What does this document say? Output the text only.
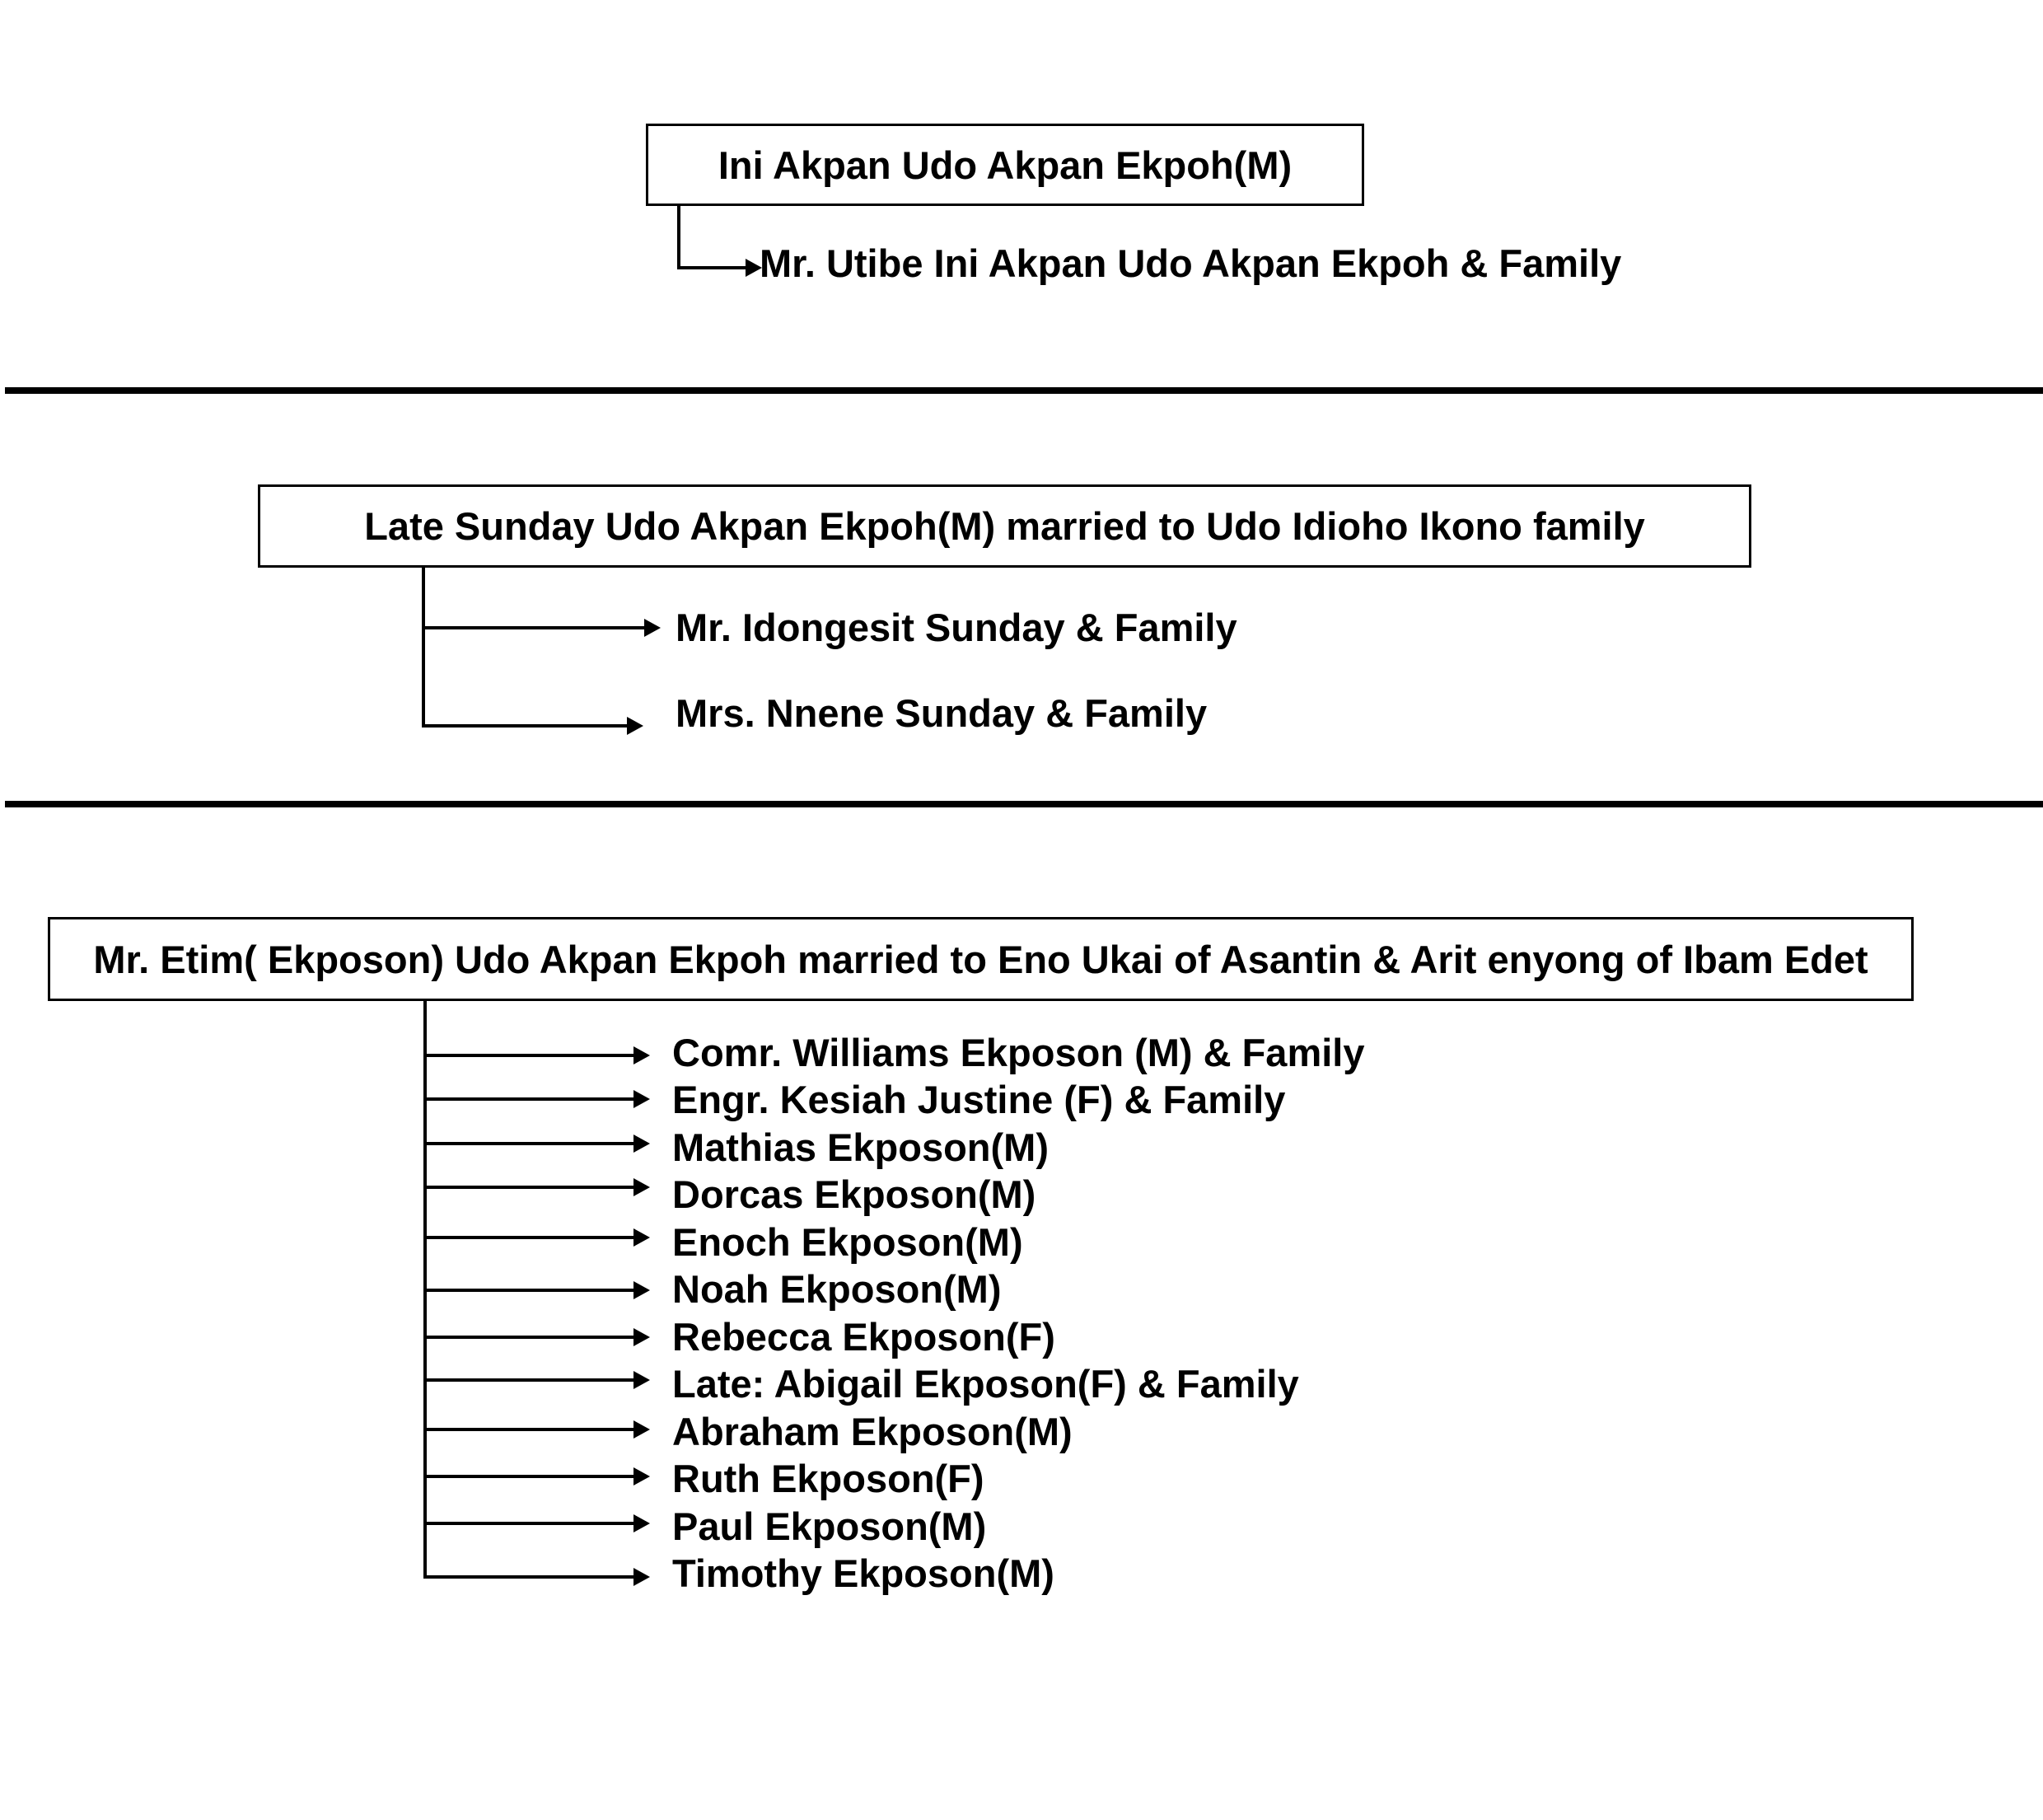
Ini Akpan Udo Akpan Ekpoh(M)
Mr. Utibe Ini Akpan Udo Akpan Ekpoh & Family
Late Sunday Udo Akpan Ekpoh(M) married to Udo Idioho Ikono family
Mr. Idongesit Sunday & Family
Mrs. Nnene Sunday & Family
Mr. Etim( Ekposon) Udo Akpan Ekpoh married to Eno Ukai of Asantin & Arit enyong of Ibam Edet
Comr. Williams Ekposon (M) & Family
Engr. Kesiah Justine (F) & Family
Mathias Ekposon(M)
Dorcas Ekposon(M)
Enoch Ekposon(M)
Noah Ekposon(M)
Rebecca Ekposon(F)
Late: Abigail Ekposon(F) & Family
Abraham Ekposon(M)
Ruth Ekposon(F)
Paul Ekposon(M)
Timothy Ekposon(M)
